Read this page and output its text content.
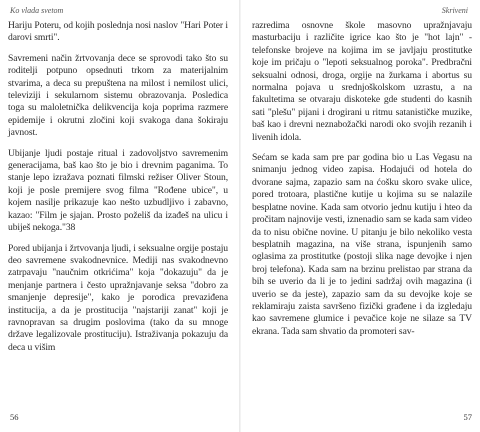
Ko vlada svetom

Hariju Poteru, od kojih poslednja nosi naslov "Hari Poter i darovi smrti".

Savremeni način žrtvovanja dece se sprovodi tako što su roditelji potpuno opsednuti trkom za materijalnim stvarima, a deca su prepuštena na milost i nemilost ulici, televiziji i sekularnom sistemu obrazovanja. Posledica toga su maloletnička delikvencija koja poprima razmere epidemije i okrutni zločini koji svakoga dana šokiraju javnost.

Ubijanje ljudi postaje ritual i zadovoljstvo savremenim generacijama, baš kao što je bio i drevnim paganima. To stanje lepo izražava poznati filmski režiser Oliver Stoun, koji je posle premijere svog filma "Rođene ubice", u kojem nasilje prikazuje kao nešto uzbudljivo i zabavno, kazao: "Film je sjajan. Prosto poželiš da izađeš na ulicu i ubiješ nekoga."38

Pored ubijanja i žrtvovanja ljudi, i seksualne orgije postaju deo savremene svakodnevnice. Mediji nas svakodnevno zatrpavaju "naučnim otkrićima" koja "dokazuju" da je menjanje partnera i često upražnjavanje seksa "dobro za smanjenje depresije", kako je porodica prevaziđena institucija, a da je prostitucija "najstariji zanat" koji je ravnopravan sa drugim poslovima (tako da su mnoge države legalizovale prostituciju). Istraživanja pokazuju da deca u višim

56
Skriveni

razredima osnovne škole masovno upražnjavaju masturbaciju i različite igrice kao što je "hot lajn" - telefonske brojeve na kojima im se javljaju prostitutke koje im pričaju o "lepoti seksualnog poroka". Predbračni seksualni odnosi, droga, orgije na žurkama i abortus su normalna pojava u srednjoškolskom uzrastu, a na fakultetima se otvaraju diskoteke gde studenti do kasnih sati "plešu" pijani i drogirani u ritmu satanističke muzike, baš kao i drevni neznabožački narodi oko svojih rezanih i livenih idola.

Sećam se kada sam pre par godina bio u Las Vegasu na snimanju jednog video zapisa. Hodajući od hotela do dvorane sajma, zapazio sam na ćošku skoro svake ulice, pored trotoara, plastične kutije u kojima su se nalazile besplatne novine. Kada sam otvorio jednu kutiju i hteo da pročitam najnovije vesti, iznenadio sam se kada sam video da to nisu obične novine. U pitanju je bilo nekoliko vesta besplatnih magazina, na više strana, ispunjenih samo oglasima za prostitutke (postoji slika nage devojke i njen broj telefona). Kada sam na brzinu prelistao par strana da bih se uverio da li je to jedini sadržaj ovih magazina (i uverio se da jeste), zapazio sam da su devojke koje se reklamiraju zaista savršeno fizički građene i da izgledaju kao savremene glumice i pevačice koje ne silaze sa TV ekrana. Tada sam shvatio da promoteri sav-

57
